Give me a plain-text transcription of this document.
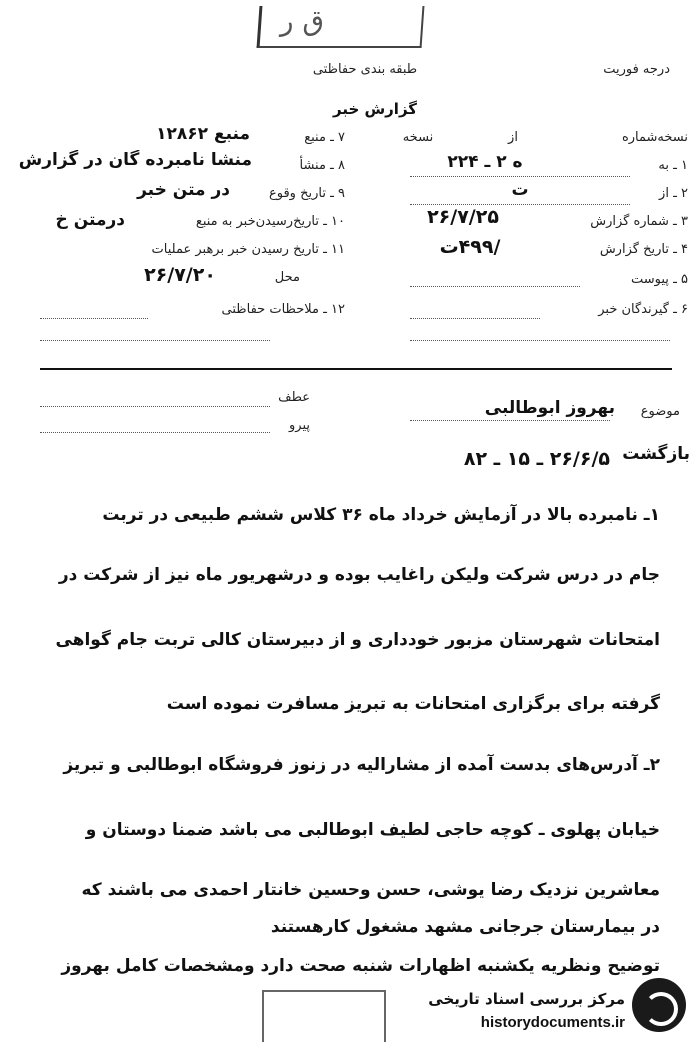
ق ر
درجه فوریت
طبقه بندی حفاظتی
گزارش خبر
نسخه‌شماره
از
نسخه
۱ ـ به
ه ۲ ـ ۲۲۴
۲ ـ از
ت
۳ ـ شماره گزارش
۲۶/۷/۲۵
۴ ـ تاریخ گزارش
/۴۹۹ت
۵ ـ پیوست
۶ ـ گیرندگان خبر
۷ ـ منبع
منبع ۱۲۸۶۲
۸ ـ منشأ
منشا نامبرده گان در گزارش
۹ ـ تاریخ وقوع
در متن خبر
۱۰ ـ تاریخ‌رسیدن‌خبر به منبع
درمتن خ
۱۱ ـ تاریخ رسیدن خبر برهبر عملیات
محل
۲۶/۷/۲۰
۱۲ ـ ملاحظات حفاظتی
موضوع
بهروز ابوطالبی
عطف
پیرو
بازگشت
۲۶/۶/۵ ـ ۱۵ ـ ۸۲
۱ـ نامبرده بالا در آزمایش خرداد ماه ۳۶ کلاس ششم طبیعی در تربت
جام در درس شرکت ولیکن راغایب بوده و درشهریور ماه نیز از شرکت در
امتحانات شهرستان مزبور خودداری و از دبیرستان کالی تربت جام گواهی
گرفته برای برگزاری امتحانات به تبریز مسافرت نموده است
۲ـ آدرس‌های بدست آمده از مشارالیه در زنوز فروشگاه ابوطالبی و تبریز
خیابان پهلوی ـ کوچه حاجی لطیف ابوطالبی می باشد ضمنا دوستان و
معاشرین نزدیک رضا یوشی، حسن وحسین خانتار احمدی می باشند که
در بیمارستان جرجانی مشهد مشغول کارهستند
توضیح ونظریه یکشنبه اظهارات شنبه صحت دارد ومشخصات کامل بهروز
مرکز بررسی اسناد تاریخی
historydocuments.ir
